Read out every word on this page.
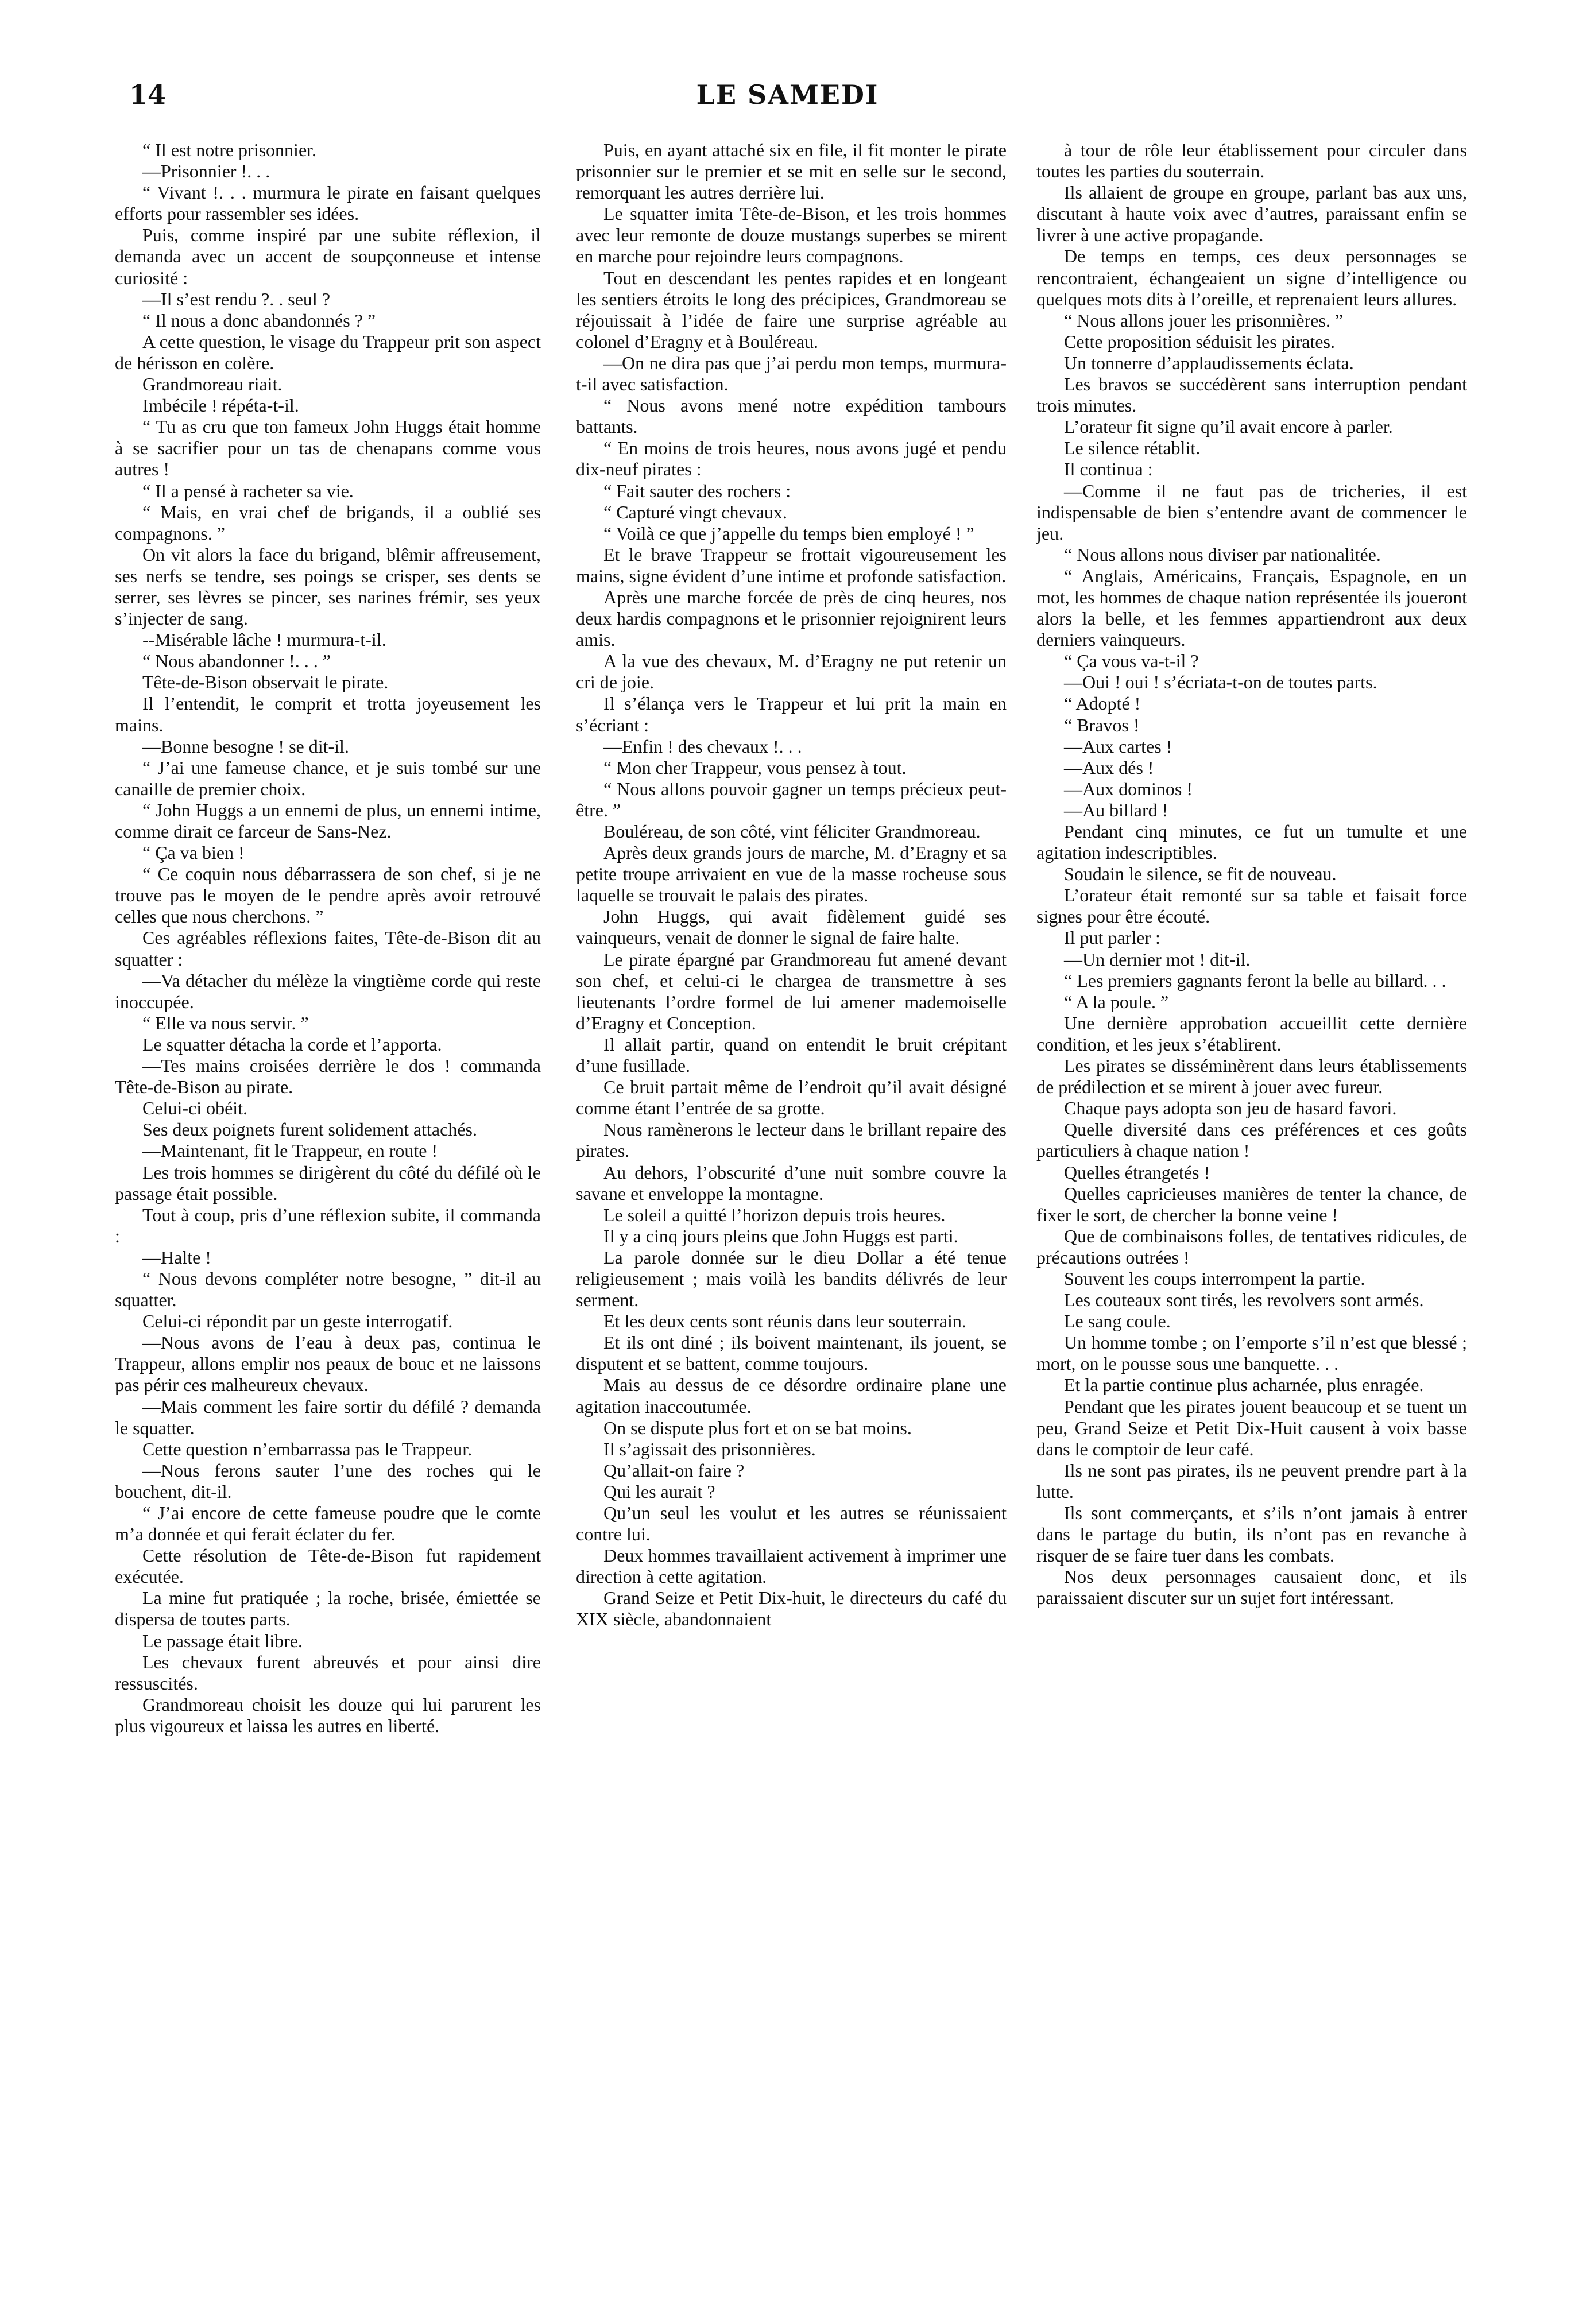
14	LE SAMEDI

“ Il est notre prisonnier.

—Prisonnier !. . .

“ Vivant !. . . murmura le pirate en faisant quelques efforts pour rassembler ses idées.

Puis, comme inspiré par une subite réflexion, il demanda avec un accent de soupçonneuse et intense curiosité :

—Il s’est rendu ?. . seul ?

“ Il nous a donc abandonnés ? ”

A cette question, le visage du Trappeur prit son aspect de hérisson en colère.

Grandmoreau riait.

Imbécile ! répéta-t-il.

“ Tu as cru que ton fameux John Huggs était homme à se sacrifier pour un tas de chenapans comme vous autres !

“ Il a pensé à racheter sa vie.

“ Mais, en vrai chef de brigands, il a oublié ses compagnons. ”

On vit alors la face du brigand, blêmir affreusement, ses nerfs se tendre, ses poings se crisper, ses dents se serrer, ses lèvres se pincer, ses narines frémir, ses yeux s’injecter de sang.

--Misérable lâche ! murmura-t-il.

“ Nous abandonner !. . . ”

Tête-de-Bison observait le pirate.

Il l’entendit, le comprit et trotta joyeusement les mains.

—Bonne besogne ! se dit-il.

“ J’ai une fameuse chance, et je suis tombé sur une canaille de premier choix.

“ John Huggs a un ennemi de plus, un ennemi intime, comme dirait ce farceur de Sans-Nez.

“ Ça va bien !

“ Ce coquin nous débarrassera de son chef, si je ne trouve pas le moyen de le pendre après avoir retrouvé celles que nous cherchons. ”

Ces agréables réflexions faites, Tête-de-Bison dit au squatter :

—Va détacher du mélèze la vingtième corde qui reste inoccupée.

“ Elle va nous servir. ”

Le squatter détacha la corde et l’apporta.

—Tes mains croisées derrière le dos ! commanda Tête-de-Bison au pirate.

Celui-ci obéit.

Ses deux poignets furent solidement attachés.

—Maintenant, fit le Trappeur, en route !

Les trois hommes se dirigèrent du côté du défilé où le passage était possible.

Tout à coup, pris d’une réflexion subite, il commanda :

—Halte !

“ Nous devons compléter notre besogne, ” dit-il au squatter.

Celui-ci répondit par un geste interrogatif.

—Nous avons de l’eau à deux pas, continua le Trappeur, allons emplir nos peaux de bouc et ne laissons pas périr ces malheureux chevaux.

—Mais comment les faire sortir du défilé ? demanda le squatter.

Cette question n’embarrassa pas le Trappeur.

—Nous ferons sauter l’une des roches qui le bouchent, dit-il.

“ J’ai encore de cette fameuse poudre que le comte m’a donnée et qui ferait éclater du fer.

Cette résolution de Tête-de-Bison fut rapidement exécutée.

La mine fut pratiquée ; la roche, brisée, émiettée se dispersa de toutes parts.

Le passage était libre.

Les chevaux furent abreuvés et pour ainsi dire ressuscités.

Grandmoreau choisit les douze qui lui parurent les plus vigoureux et laissa les autres en liberté.

Puis, en ayant attaché six en file, il fit monter le pirate prisonnier sur le premier et se mit en selle sur le second, remorquant les autres derrière lui.

Le squatter imita Tête-de-Bison, et les trois hommes avec leur remonte de douze mustangs superbes se mirent en marche pour rejoindre leurs compagnons.

Tout en descendant les pentes rapides et en longeant les sentiers étroits le long des précipices, Grandmoreau se réjouissait à l’idée de faire une surprise agréable au colonel d’Eragny et à Bouléreau.

—On ne dira pas que j’ai perdu mon temps, murmura-t-il avec satisfaction.

“ Nous avons mené notre expédition tambours battants.

“ En moins de trois heures, nous avons jugé et pendu dix-neuf pirates :

“ Fait sauter des rochers :

“ Capturé vingt chevaux.

“ Voilà ce que j’appelle du temps bien employé ! ”

Et le brave Trappeur se frottait vigoureusement les mains, signe évident d’une intime et profonde satisfaction.

Après une marche forcée de près de cinq heures, nos deux hardis compagnons et le prisonnier rejoignirent leurs amis.

A la vue des chevaux, M. d’Eragny ne put retenir un cri de joie.

Il s’élança vers le Trappeur et lui prit la main en s’écriant :

—Enfin ! des chevaux !. . .

“ Mon cher Trappeur, vous pensez à tout.

“ Nous allons pouvoir gagner un temps précieux peut-être. ”

Bouléreau, de son côté, vint féliciter Grandmoreau.

Après deux grands jours de marche, M. d’Eragny et sa petite troupe arrivaient en vue de la masse rocheuse sous laquelle se trouvait le palais des pirates.

John Huggs, qui avait fidèlement guidé ses vainqueurs, venait de donner le signal de faire halte.

Le pirate épargné par Grandmoreau fut amené devant son chef, et celui-ci le chargea de transmettre à ses lieutenants l’ordre formel de lui amener mademoiselle d’Eragny et Conception.

Il allait partir, quand on entendit le bruit crépitant d’une fusillade.

Ce bruit partait même de l’endroit qu’il avait désigné comme étant l’entrée de sa grotte.

Nous ramènerons le lecteur dans le brillant repaire des pirates.

Au dehors, l’obscurité d’une nuit sombre couvre la savane et enveloppe la montagne.

Le soleil a quitté l’horizon depuis trois heures.

Il y a cinq jours pleins que John Huggs est parti.

La parole donnée sur le dieu Dollar a été tenue religieusement ; mais voilà les bandits délivrés de leur serment.

Et les deux cents sont réunis dans leur souterrain.

Et ils ont diné ; ils boivent maintenant, ils jouent, se disputent et se battent, comme toujours.

Mais au dessus de ce désordre ordinaire plane une agitation inaccoutumée.

On se dispute plus fort et on se bat moins.

Il s’agissait des prisonnières.

Qu’allait-on faire ?

Qui les aurait ?

Qu’un seul les voulut et les autres se réunissaient contre lui.

Deux hommes travaillaient activement à imprimer une direction à cette agitation.

Grand Seize et Petit Dix-huit, le directeurs du café du XIX siècle, abandonnaient

à tour de rôle leur établissement pour circuler dans toutes les parties du souterrain.

Ils allaient de groupe en groupe, parlant bas aux uns, discutant à haute voix avec d’autres, paraissant enfin se livrer à une active propagande.

De temps en temps, ces deux personnages se rencontraient, échangeaient un signe d’intelligence ou quelques mots dits à l’oreille, et reprenaient leurs allures.

“ Nous allons jouer les prisonnières. ”

Cette proposition séduisit les pirates.

Un tonnerre d’applaudissements éclata.

Les bravos se succédèrent sans interruption pendant trois minutes.

L’orateur fit signe qu’il avait encore à parler.

Le silence rétablit.

Il continua :

—Comme il ne faut pas de tricheries, il est indispensable de bien s’entendre avant de commencer le jeu.

“ Nous allons nous diviser par nationalitée.

“ Anglais, Américains, Français, Espagnole, en un mot, les hommes de chaque nation représentée ils joueront alors la belle, et les femmes appartiendront aux deux derniers vainqueurs.

“ Ça vous va-t-il ?

—Oui ! oui ! s’écriata-t-on de toutes parts.

“ Adopté !

“ Bravos !

—Aux cartes !

—Aux dés !

—Aux dominos !

—Au billard !

Pendant cinq minutes, ce fut un tumulte et une agitation indescriptibles.

Soudain le silence, se fit de nouveau.

L’orateur était remonté sur sa table et faisait force signes pour être écouté.

Il put parler :

—Un dernier mot ! dit-il.

“ Les premiers gagnants feront la belle au billard. . .

“ A la poule. ”

Une dernière approbation accueillit cette dernière condition, et les jeux s’établirent.

Les pirates se disséminèrent dans leurs établissements de prédilection et se mirent à jouer avec fureur.

Chaque pays adopta son jeu de hasard favori.

Quelle diversité dans ces préférences et ces goûts particuliers à chaque nation !

Quelles étrangetés !

Quelles capricieuses manières de tenter la chance, de fixer le sort, de chercher la bonne veine !

Que de combinaisons folles, de tentatives ridicules, de précautions outrées !

Souvent les coups interrompent la partie.

Les couteaux sont tirés, les revolvers sont armés.

Le sang coule.

Un homme tombe ; on l’emporte s’il n’est que blessé ; mort, on le pousse sous une banquette. . .

Et la partie continue plus acharnée, plus enragée.

Pendant que les pirates jouent beaucoup et se tuent un peu, Grand Seize et Petit Dix-Huit causent à voix basse dans le comptoir de leur café.

Ils ne sont pas pirates, ils ne peuvent prendre part à la lutte.

Ils sont commerçants, et s’ils n’ont jamais à entrer dans le partage du butin, ils n’ont pas en revanche à risquer de se faire tuer dans les combats.

Nos deux personnages causaient donc, et ils paraissaient discuter sur un sujet fort intéressant.
